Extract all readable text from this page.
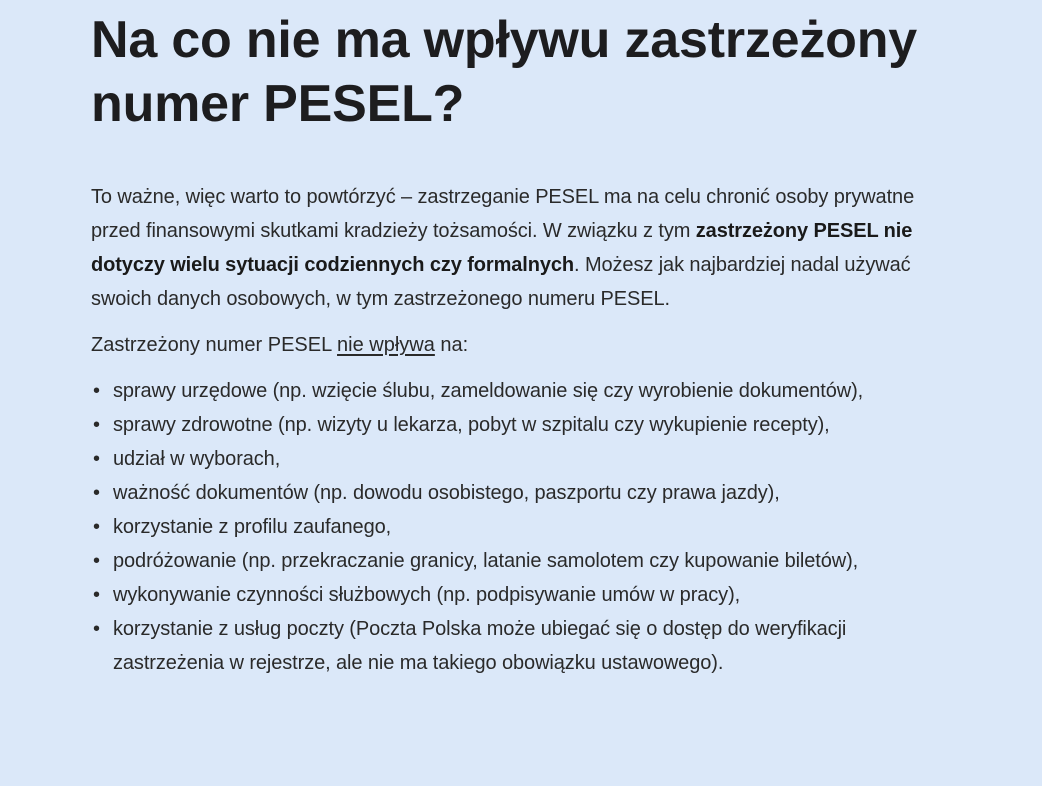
Na co nie ma wpływu zastrzeżony numer PESEL?

To ważne, więc warto to powtórzyć – zastrzeganie PESEL ma na celu chronić osoby prywatne przed finansowymi skutkami kradzieży tożsamości. W związku z tym zastrzeżony PESEL nie dotyczy wielu sytuacji codziennych czy formalnych. Możesz jak najbardziej nadal używać swoich danych osobowych, w tym zastrzeżonego numeru PESEL.

Zastrzeżony numer PESEL nie wpływa na:

• sprawy urzędowe (np. wzięcie ślubu, zameldowanie się czy wyrobienie dokumentów),
• sprawy zdrowotne (np. wizyty u lekarza, pobyt w szpitalu czy wykupienie recepty),
• udział w wyborach,
• ważność dokumentów (np. dowodu osobistego, paszportu czy prawa jazdy),
• korzystanie z profilu zaufanego,
• podróżowanie (np. przekraczanie granicy, latanie samolotem czy kupowanie biletów),
• wykonywanie czynności służbowych (np. podpisywanie umów w pracy),
• korzystanie z usług poczty (Poczta Polska może ubiegać się o dostęp do weryfikacji zastrzeżenia w rejestrze, ale nie ma takiego obowiązku ustawowego).
